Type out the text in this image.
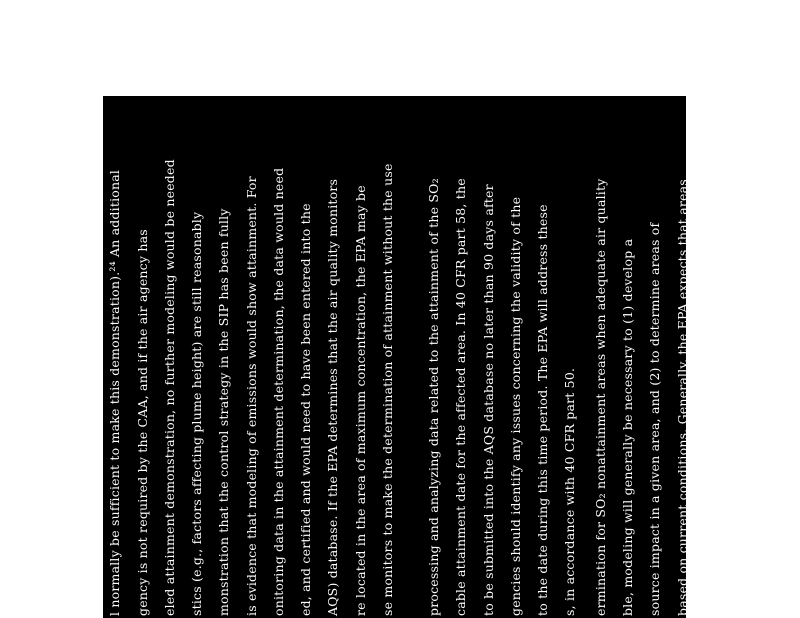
l normally be sufficient to make this demonstration).²⁴ An additional gency is not required by the CAA, and if the air agency has eled attainment demonstration, no further modeling would be needed stics (e.g., factors affecting plume height) are still reasonably monstration that the control strategy in the SIP has been fully is evidence that modeling of emissions would show attainment. For onitoring data in the attainment determination, the data would need ed, and certified and would need to have been entered into the AQS) database. If the EPA determines that the air quality monitors re located in the area of maximum concentration, the EPA may be se monitors to make the determination of attainment without the use processing and analyzing data related to the attainment of the SO₂ cable attainment date for the affected area. In 40 CFR part 58, the to be submitted into the AQS database no later than 90 days after gencies should identify any issues concerning the validity of the to the date during this time period. The EPA will address these s, in accordance with 40 CFR part 50. ermination for SO₂ nonattainment areas when adequate air quality ble, modeling will generally be necessary to (1) develop a source impact in a given area, and (2) to determine areas of based on current conditions. Generally, the EPA expects that areas
